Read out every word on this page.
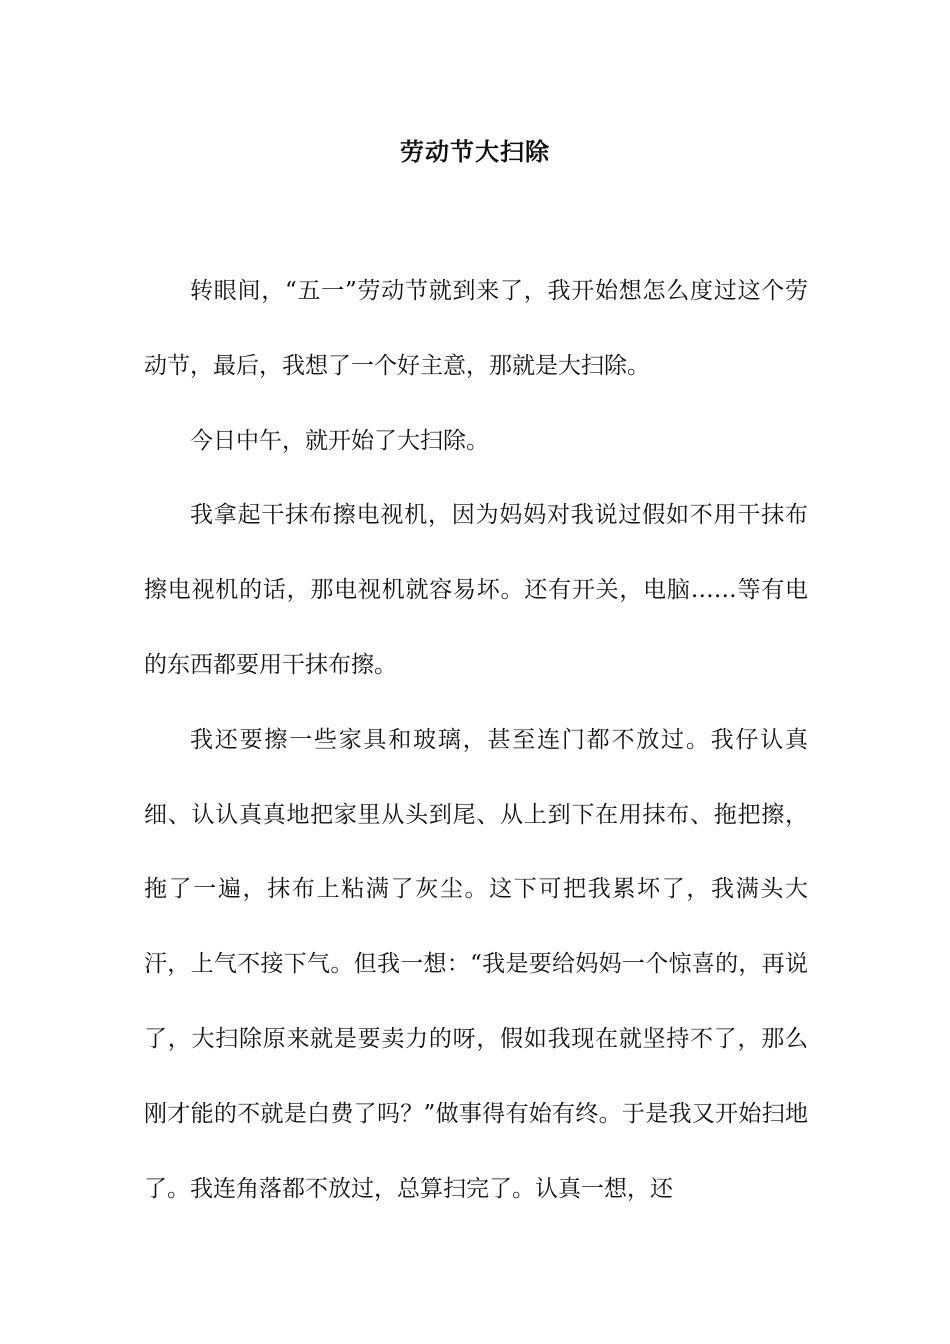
劳动节大扫除

转眼间，“五一”劳动节就到来了，我开始想怎么度过这个劳动节，最后，我想了一个好主意，那就是大扫除。

今日中午，就开始了大扫除。

我拿起干抹布擦电视机，因为妈妈对我说过假如不用干抹布擦电视机的话，那电视机就容易坏。还有开关，电脑……等有电的东西都要用干抹布擦。

我还要擦一些家具和玻璃，甚至连门都不放过。我仔认真细、认认真真地把家里从头到尾、从上到下在用抹布、拖把擦，拖了一遍，抹布上粘满了灰尘。这下可把我累坏了，我满头大汗，上气不接下气。但我一想：“我是要给妈妈一个惊喜的，再说了，大扫除原来就是要卖力的呀，假如我现在就坚持不了，那么刚才能的不就是白费了吗？”做事得有始有终。于是我又开始扫地了。我连角落都不放过，总算扫完了。认真一想，还
